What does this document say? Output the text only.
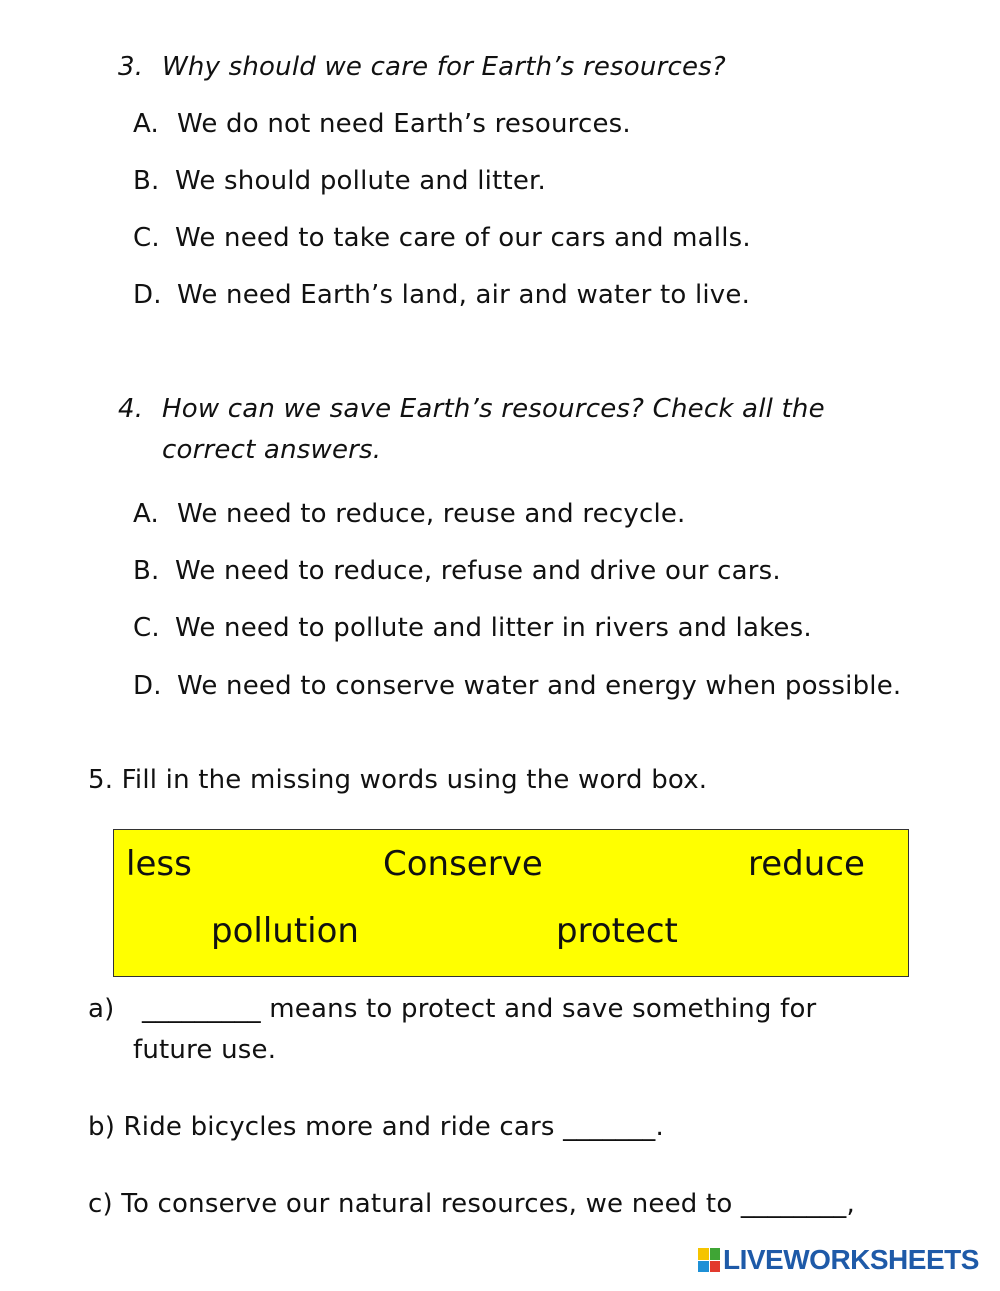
3. Why should we care for Earth’s resources?
A. We do not need Earth’s resources.
B. We should pollute and litter.
C. We need to take care of our cars and malls.
D. We need Earth’s land, air and water to live.
4. How can we save Earth’s resources? Check all the
correct answers.
A. We need to reduce, reuse and recycle.
B. We need to reduce, refuse and drive our cars.
C. We need to pollute and litter in rivers and lakes.
D. We need to conserve water and energy when possible.
5. Fill in the missing words using the word box.
less	Conserve	reduce
pollution	protect
a) _________ means to protect and save something for
future use.
b) Ride bicycles more and ride cars _______.
c) To conserve our natural resources, we need to ________,
LIVEWORKSHEETS
